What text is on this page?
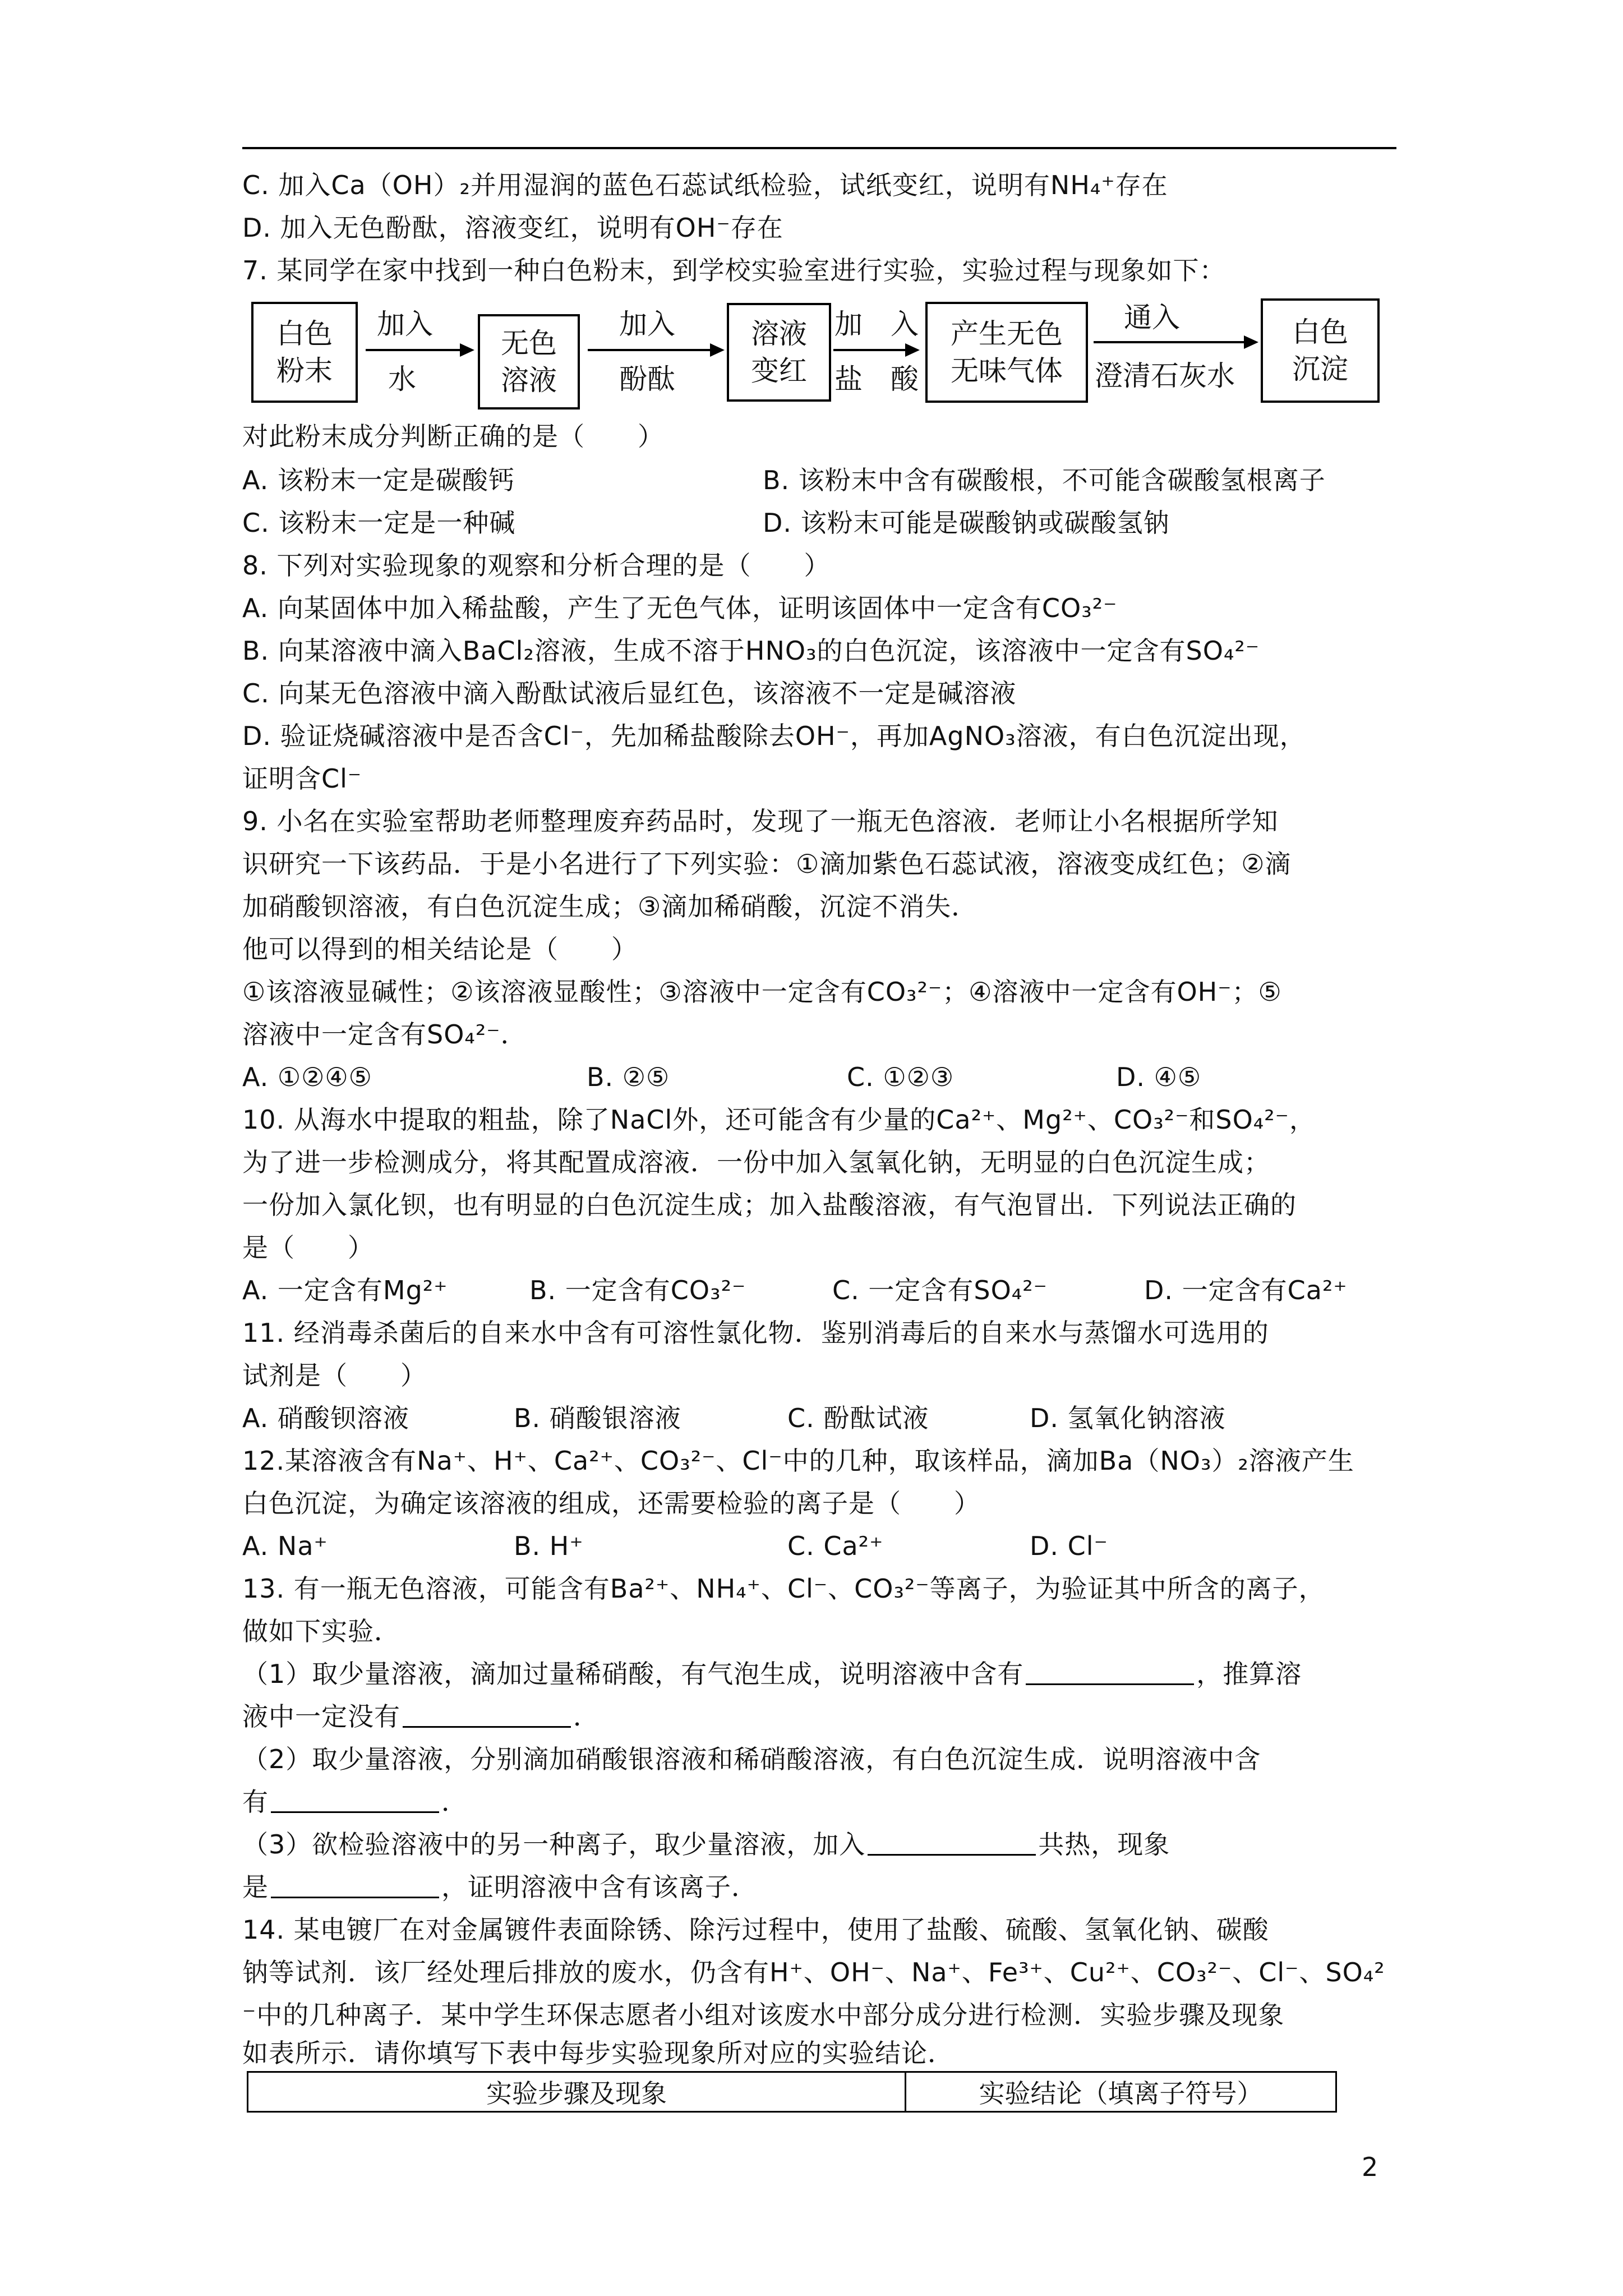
C. 加入Ca（OH）₂并用湿润的蓝色石蕊试纸检验，试纸变红，说明有NH₄⁺存在
D. 加入无色酚酞，溶液变红，说明有OH⁻存在
7. 某同学在家中找到一种白色粉末，到学校实验室进行实验，实验过程与现象如下：
白色
粉末
加入
水
无色
溶液
加入
酚酞
溶液
变红
加　入
盐　酸
产生无色
无味气体
通入
澄清石灰水
白色
沉淀
对此粉末成分判断正确的是（　　）
A. 该粉末一定是碳酸钙	B. 该粉末中含有碳酸根，不可能含碳酸氢根离子
C. 该粉末一定是一种碱	D. 该粉末可能是碳酸钠或碳酸氢钠
8. 下列对实验现象的观察和分析合理的是（　　）
A. 向某固体中加入稀盐酸，产生了无色气体，证明该固体中一定含有CO₃²⁻
B. 向某溶液中滴入BaCl₂溶液，生成不溶于HNO₃的白色沉淀，该溶液中一定含有SO₄²⁻
C. 向某无色溶液中滴入酚酞试液后显红色，该溶液不一定是碱溶液
D. 验证烧碱溶液中是否含Cl⁻，先加稀盐酸除去OH⁻，再加AgNO₃溶液，有白色沉淀出现，
证明含Cl⁻
9. 小名在实验室帮助老师整理废弃药品时，发现了一瓶无色溶液．老师让小名根据所学知
识研究一下该药品．于是小名进行了下列实验：①滴加紫色石蕊试液，溶液变成红色；②滴
加硝酸钡溶液，有白色沉淀生成；③滴加稀硝酸，沉淀不消失．
他可以得到的相关结论是（　　）
①该溶液显碱性；②该溶液显酸性；③溶液中一定含有CO₃²⁻；④溶液中一定含有OH⁻；⑤
溶液中一定含有SO₄²⁻．
A. ①②④⑤	B. ②⑤	C. ①②③	D. ④⑤
10. 从海水中提取的粗盐，除了NaCl外，还可能含有少量的Ca²⁺、Mg²⁺、CO₃²⁻和SO₄²⁻，
为了进一步检测成分，将其配置成溶液．一份中加入氢氧化钠，无明显的白色沉淀生成；
一份加入氯化钡，也有明显的白色沉淀生成；加入盐酸溶液，有气泡冒出．下列说法正确的
是（　　）
A. 一定含有Mg²⁺	B. 一定含有CO₃²⁻	C. 一定含有SO₄²⁻	D. 一定含有Ca²⁺
11. 经消毒杀菌后的自来水中含有可溶性氯化物．鉴别消毒后的自来水与蒸馏水可选用的
试剂是（　　）
A. 硝酸钡溶液	B. 硝酸银溶液	C. 酚酞试液	D. 氢氧化钠溶液
12.某溶液含有Na⁺、H⁺、Ca²⁺、CO₃²⁻、Cl⁻中的几种，取该样品，滴加Ba（NO₃）₂溶液产生
白色沉淀，为确定该溶液的组成，还需要检验的离子是（　　）
A. Na⁺	B. H⁺	C. Ca²⁺	D. Cl⁻
13. 有一瓶无色溶液，可能含有Ba²⁺、NH₄⁺、Cl⁻、CO₃²⁻等离子，为验证其中所含的离子，
做如下实验．
（1）取少量溶液，滴加过量稀硝酸，有气泡生成，说明溶液中含有	，推算溶
液中一定没有	．
（2）取少量溶液，分别滴加硝酸银溶液和稀硝酸溶液，有白色沉淀生成．说明溶液中含
有	．
（3）欲检验溶液中的另一种离子，取少量溶液，加入	共热，现象
是	，证明溶液中含有该离子．
14. 某电镀厂在对金属镀件表面除锈、除污过程中，使用了盐酸、硫酸、氢氧化钠、碳酸
钠等试剂．该厂经处理后排放的废水，仍含有H⁺、OH⁻、Na⁺、Fe³⁺、Cu²⁺、CO₃²⁻、Cl⁻、SO₄²
⁻中的几种离子．某中学生环保志愿者小组对该废水中部分成分进行检测．实验步骤及现象
如表所示．请你填写下表中每步实验现象所对应的实验结论．
实验步骤及现象	实验结论（填离子符号）
2
